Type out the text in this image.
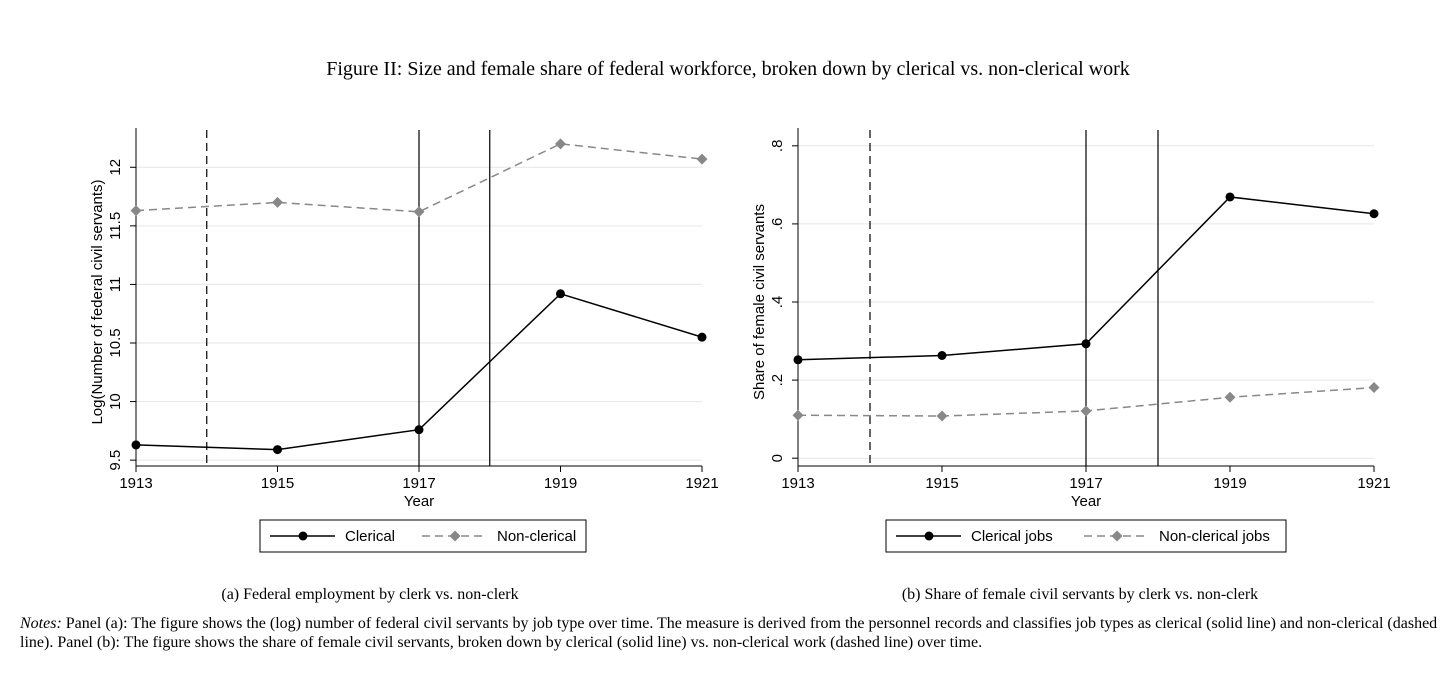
Figure II: Size and female share of federal workforce, broken down by clerical vs. non-clerical work
9.5
10
10.5
11
11.5
12
1913	1915	1917	1919	1921
Year
Log(Number of federal civil servants)
Clerical	Non-clerical
0
.2
.4
.6
.8
1913	1915	1917	1919	1921
Year
Share of female civil servants
Clerical jobs	Non-clerical jobs
(a) Federal employment by clerk vs. non-clerk	(b) Share of female civil servants by clerk vs. non-clerk
Notes: Panel (a): The figure shows the (log) number of federal civil servants by job type over time. The measure is derived from the personnel records and classifies job types as clerical (solid line) and non-clerical (dashed line). Panel (b): The figure shows the share of female civil servants, broken down by clerical (solid line) vs. non-clerical work (dashed line) over time.
